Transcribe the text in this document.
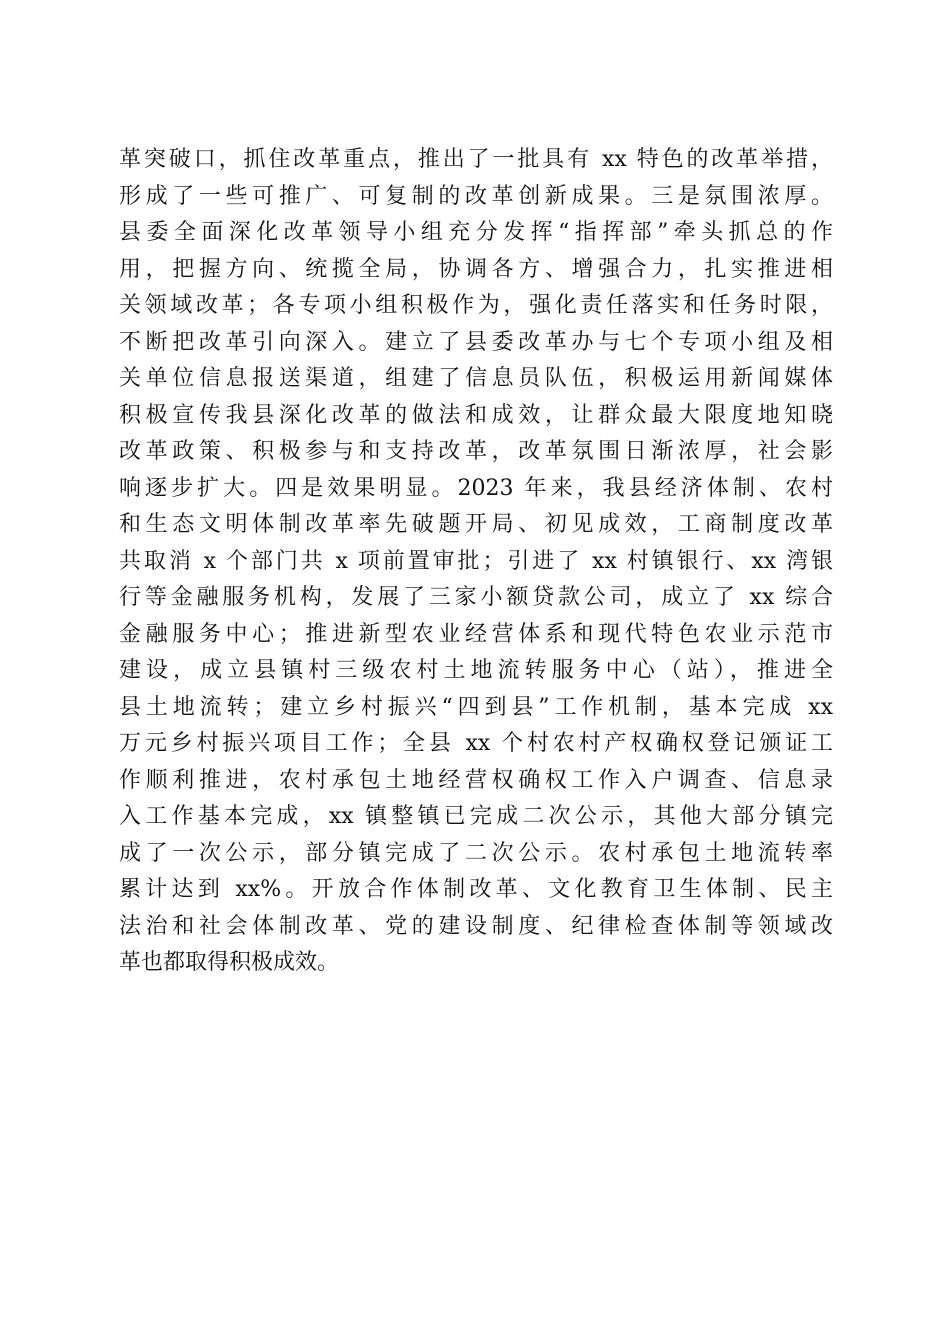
革突破口，抓住改革重点，推出了一批具有 xx 特色的改革举措，
形成了一些可推广、可复制的改革创新成果。三是氛围浓厚。
县委全面深化改革领导小组充分发挥“指挥部”牵头抓总的作
用，把握方向、统揽全局，协调各方、增强合力，扎实推进相
关领域改革；各专项小组积极作为，强化责任落实和任务时限，
不断把改革引向深入。建立了县委改革办与七个专项小组及相
关单位信息报送渠道，组建了信息员队伍，积极运用新闻媒体
积极宣传我县深化改革的做法和成效，让群众最大限度地知晓
改革政策、积极参与和支持改革，改革氛围日渐浓厚，社会影
响逐步扩大。四是效果明显。2023 年来，我县经济体制、农村
和生态文明体制改革率先破题开局、初见成效，工商制度改革
共取消 x 个部门共 x 项前置审批；引进了 xx 村镇银行、xx 湾银
行等金融服务机构，发展了三家小额贷款公司，成立了 xx 综合
金融服务中心；推进新型农业经营体系和现代特色农业示范市
建设，成立县镇村三级农村土地流转服务中心（站），推进全
县土地流转；建立乡村振兴“四到县”工作机制，基本完成 xx
万元乡村振兴项目工作；全县 xx 个村农村产权确权登记颁证工
作顺利推进，农村承包土地经营权确权工作入户调查、信息录
入工作基本完成，xx 镇整镇已完成二次公示，其他大部分镇完
成了一次公示，部分镇完成了二次公示。农村承包土地流转率
累计达到 xx%。开放合作体制改革、文化教育卫生体制、民主
法治和社会体制改革、党的建设制度、纪律检查体制等领域改
革也都取得积极成效。
